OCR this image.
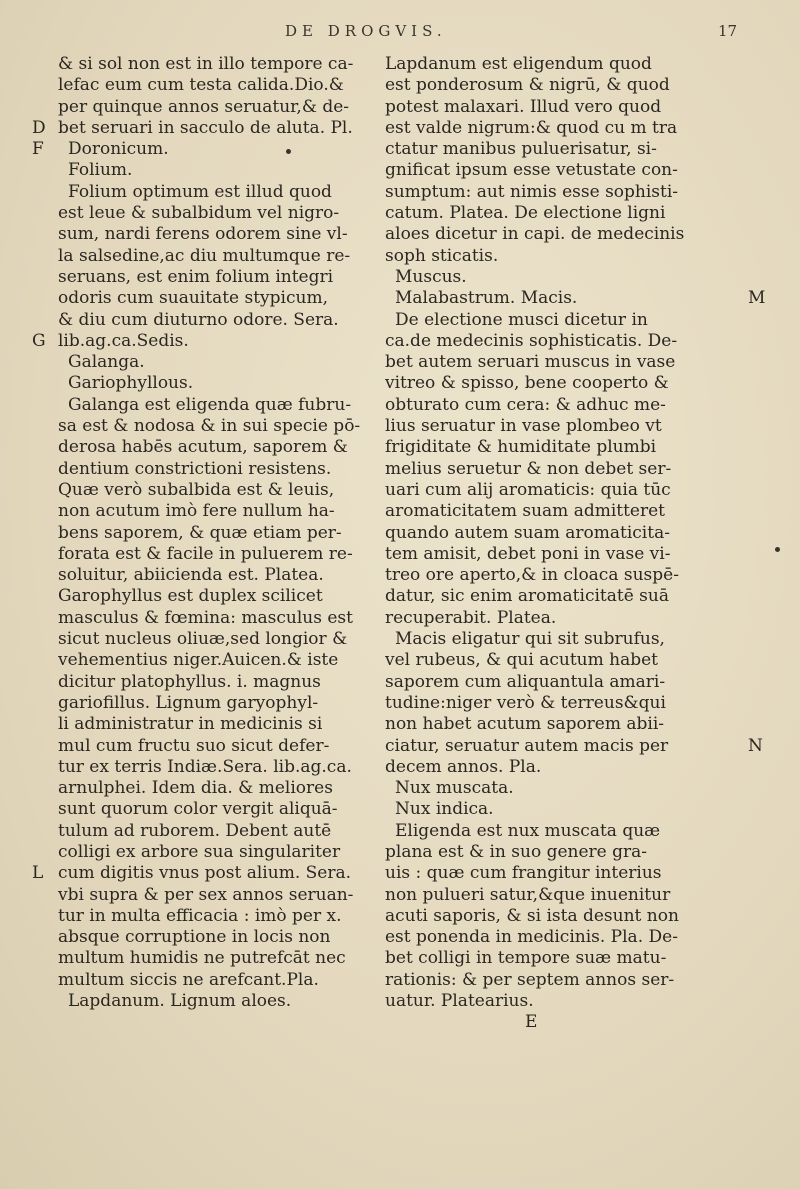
DE DROGVIS.	17
& si sol non est in illo tempore ca-
lefac eum cum testa calida.Dio.&
per quinque annos seruatur,& de-
bet seruari in sacculo de aluta. Pl.
Doronicum.
Folium.
Folium optimum est illud quod
est leue & subalbidum vel nigro-
sum, nardi ferens odorem sine vl-
la salsedine,ac diu multumque re-
seruans, est enim folium integri
odoris cum suauitate stypicum,
& diu cum diuturno odore. Sera.
lib.ag.ca.Sedis.
Galanga.
Gariophyllous.
Galanga est eligenda quæ fubru-
sa est & nodosa & in sui specie pō-
derosa habēs acutum, saporem &
dentium constrictioni resistens.
Quæ verò subalbida est & leuis,
non acutum imò fere nullum ha-
bens saporem, & quæ etiam per-
forata est & facile in puluerem re-
soluitur, abiicienda est. Platea.
Garophyllus est duplex scilicet
masculus & fœmina: masculus est
sicut nucleus oliuæ,sed longior &
vehementius niger.Auicen.& iste
dicitur platophyllus. i. magnus
gariofillus. Lignum garyophyl-
li administratur in medicinis si
mul cum fructu suo sicut defer-
tur ex terris Indiæ.Sera. lib.ag.ca.
arnulphei. Idem dia. & meliores
sunt quorum color vergit aliquā-
tulum ad ruborem. Debent autē
colligi ex arbore sua singulariter
cum digitis vnus post alium. Sera.
vbi supra & per sex annos seruan-
tur in multa efficacia : imò per x.
absque corruptione in locis non
multum humidis ne putrefcāt nec
multum siccis ne arefcant.Pla.
Lapdanum. Lignum aloes.
Lapdanum est eligendum quod
est ponderosum & nigrū, & quod
potest malaxari. Illud vero quod
est valde nigrum:& quod cu m tra
ctatur manibus puluerisatur, si-
gnificat ipsum esse vetustate con-
sumptum: aut nimis esse sophisti-
catum. Platea. De electione ligni
aloes dicetur in capi. de medecinis
soph sticatis.
Muscus.
Malabastrum. Macis.
De electione musci dicetur in
ca.de medecinis sophisticatis. De-
bet autem seruari muscus in vase
vitreo & spisso, bene cooperto &
obturato cum cera: & adhuc me-
lius seruatur in vase plombeo vt
frigiditate & humiditate plumbi
melius seruetur & non debet ser-
uari cum alij aromaticis: quia tūc
aromaticitatem suam admitteret
quando autem suam aromaticita-
tem amisit, debet poni in vase vi-
treo ore aperto,& in cloaca suspē-
datur, sic enim aromaticitatē suā
recuperabit. Platea.
Macis eligatur qui sit subrufus,
vel rubeus, & qui acutum habet
saporem cum aliquantula amari-
tudine:niger verò & terreus&qui
non habet acutum saporem abii-
ciatur, seruatur autem macis per
decem annos. Pla.
Nux muscata.
Nux indica.
Eligenda est nux muscata quæ
plana est & in suo genere gra-
uis : quæ cum frangitur interius
non pulueri satur,&que inuenitur
acuti saporis, & si ista desunt non
est ponenda in medicinis. Pla. De-
bet colligi in tempore suæ matu-
rationis: & per septem annos ser-
uatur. Platearius.
E
D
F
G
L
M
N
